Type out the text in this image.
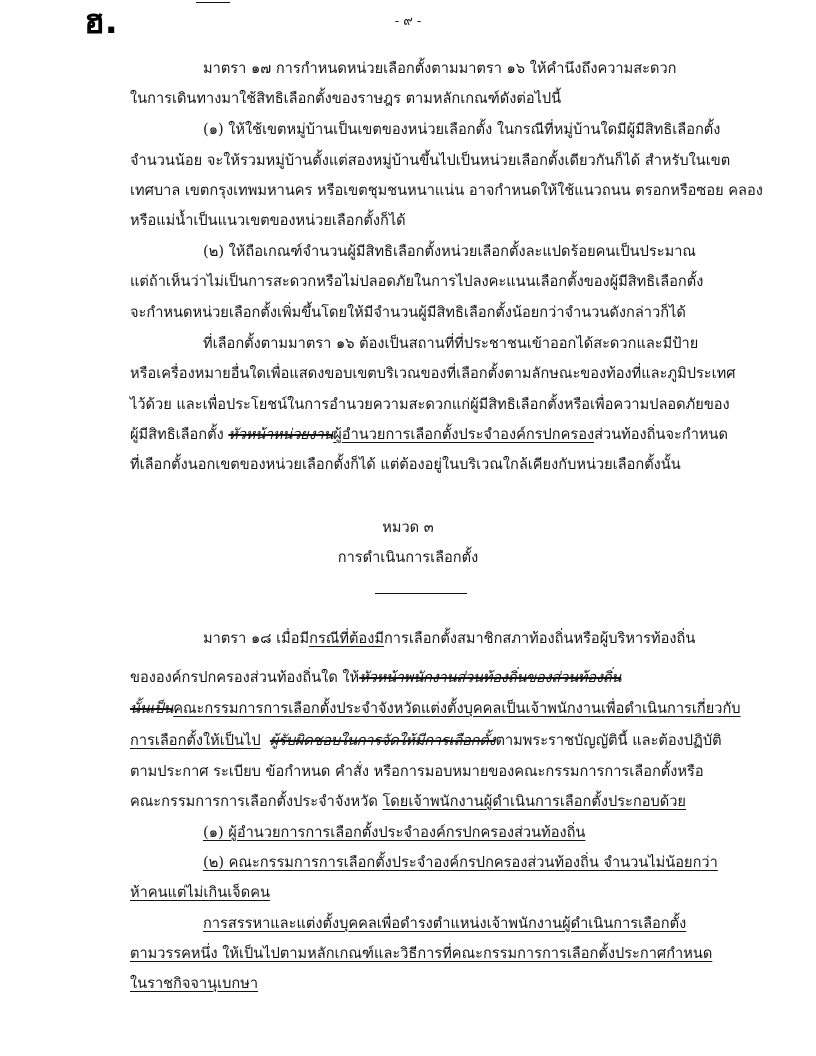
ฮ.	- ๙ -
มาตรา ๑๗ การกำหนดหน่วยเลือกตั้งตามมาตรา ๑๖ ให้คำนึงถึงความสะดวก
ในการเดินทางมาใช้สิทธิเลือกตั้งของราษฎร ตามหลักเกณฑ์ดังต่อไปนี้
(๑) ให้ใช้เขตหมู่บ้านเป็นเขตของหน่วยเลือกตั้ง ในกรณีที่หมู่บ้านใดมีผู้มีสิทธิเลือกตั้ง
จำนวนน้อย จะให้รวมหมู่บ้านตั้งแต่สองหมู่บ้านขึ้นไปเป็นหน่วยเลือกตั้งเดียวกันก็ได้ สำหรับในเขต
เทศบาล เขตกรุงเทพมหานคร หรือเขตชุมชนหนาแน่น อาจกำหนดให้ใช้แนวถนน ตรอกหรือซอย คลอง
หรือแม่น้ำเป็นแนวเขตของหน่วยเลือกตั้งก็ได้
(๒) ให้ถือเกณฑ์จำนวนผู้มีสิทธิเลือกตั้งหน่วยเลือกตั้งละแปดร้อยคนเป็นประมาณ
แต่ถ้าเห็นว่าไม่เป็นการสะดวกหรือไม่ปลอดภัยในการไปลงคะแนนเลือกตั้งของผู้มีสิทธิเลือกตั้ง
จะกำหนดหน่วยเลือกตั้งเพิ่มขึ้นโดยให้มีจำนวนผู้มีสิทธิเลือกตั้งน้อยกว่าจำนวนดังกล่าวก็ได้
ที่เลือกตั้งตามมาตรา ๑๖ ต้องเป็นสถานที่ที่ประชาชนเข้าออกได้สะดวกและมีป้าย
หรือเครื่องหมายอื่นใดเพื่อแสดงขอบเขตบริเวณของที่เลือกตั้งตามลักษณะของท้องที่และภูมิประเทศ
ไว้ด้วย และเพื่อประโยชน์ในการอำนวยความสะดวกแก่ผู้มีสิทธิเลือกตั้งหรือเพื่อความปลอดภัยของ
ผู้มีสิทธิเลือกตั้ง หัวหน้าหน่วยงานผู้อำนวยการเลือกตั้งประจำองค์กรปกครองส่วนท้องถิ่นจะกำหนด
ที่เลือกตั้งนอกเขตของหน่วยเลือกตั้งก็ได้ แต่ต้องอยู่ในบริเวณใกล้เคียงกับหน่วยเลือกตั้งนั้น
หมวด ๓
การดำเนินการเลือกตั้ง
มาตรา ๑๘ เมื่อมีกรณีที่ต้องมีการเลือกตั้งสมาชิกสภาท้องถิ่นหรือผู้บริหารท้องถิ่น
ขององค์กรปกครองส่วนท้องถิ่นใด ให้หัวหน้าพนักงานส่วนท้องถิ่นของส่วนท้องถิ่น
นั้นเป็นคณะกรรมการการเลือกตั้งประจำจังหวัดแต่งตั้งบุคคลเป็นเจ้าพนักงานเพื่อดำเนินการเกี่ยวกับ
การเลือกตั้งให้เป็นไป ผู้รับผิดชอบในการจัดให้มีการเลือกตั้งตามพระราชบัญญัตินี้ และต้องปฏิบัติ
ตามประกาศ ระเบียบ ข้อกำหนด คำสั่ง หรือการมอบหมายของคณะกรรมการการเลือกตั้งหรือ
คณะกรรมการการเลือกตั้งประจำจังหวัด โดยเจ้าพนักงานผู้ดำเนินการเลือกตั้งประกอบด้วย
(๑) ผู้อำนวยการการเลือกตั้งประจำองค์กรปกครองส่วนท้องถิ่น
(๒) คณะกรรมการการเลือกตั้งประจำองค์กรปกครองส่วนท้องถิ่น จำนวนไม่น้อยกว่า
ห้าคนแต่ไม่เกินเจ็ดคน
การสรรหาและแต่งตั้งบุคคลเพื่อดำรงตำแหน่งเจ้าพนักงานผู้ดำเนินการเลือกตั้ง
ตามวรรคหนึ่ง ให้เป็นไปตามหลักเกณฑ์และวิธีการที่คณะกรรมการการเลือกตั้งประกาศกำหนด
ในราชกิจจานุเบกษา
